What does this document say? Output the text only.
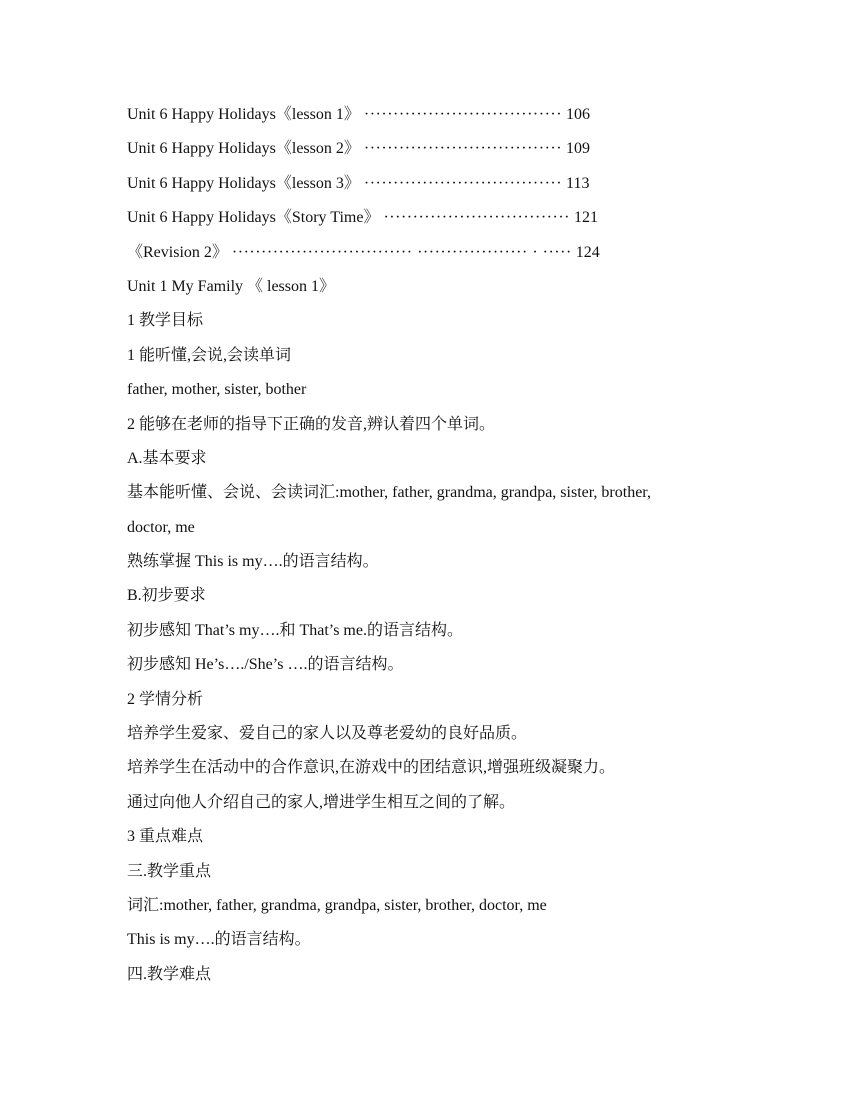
Unit 6 Happy Holidays《lesson 1》 ·································· 106
Unit 6 Happy Holidays《lesson 2》 ·································· 109
Unit 6 Happy Holidays《lesson 3》 ·································· 113
Unit 6 Happy Holidays《Story Time》 ································ 121
《Revision 2》 ······························· ··················· · ····· 124
Unit 1 My Family 《 lesson 1》
1 教学目标
1 能听懂,会说,会读单词
father, mother, sister, bother
2 能够在老师的指导下正确的发音,辨认着四个单词。
A.基本要求
基本能听懂、会说、会读词汇:mother, father, grandma, grandpa, sister, brother,
doctor, me
熟练掌握 This is my….的语言结构。
B.初步要求
初步感知 That’s my….和 That’s me.的语言结构。
初步感知 He’s…./She’s ….的语言结构。
2 学情分析
培养学生爱家、爱自己的家人以及尊老爱幼的良好品质。
培养学生在活动中的合作意识,在游戏中的团结意识,增强班级凝聚力。
通过向他人介绍自己的家人,增进学生相互之间的了解。
3 重点难点
三.教学重点
词汇:mother, father, grandma, grandpa, sister, brother, doctor, me
This is my….的语言结构。
四.教学难点
